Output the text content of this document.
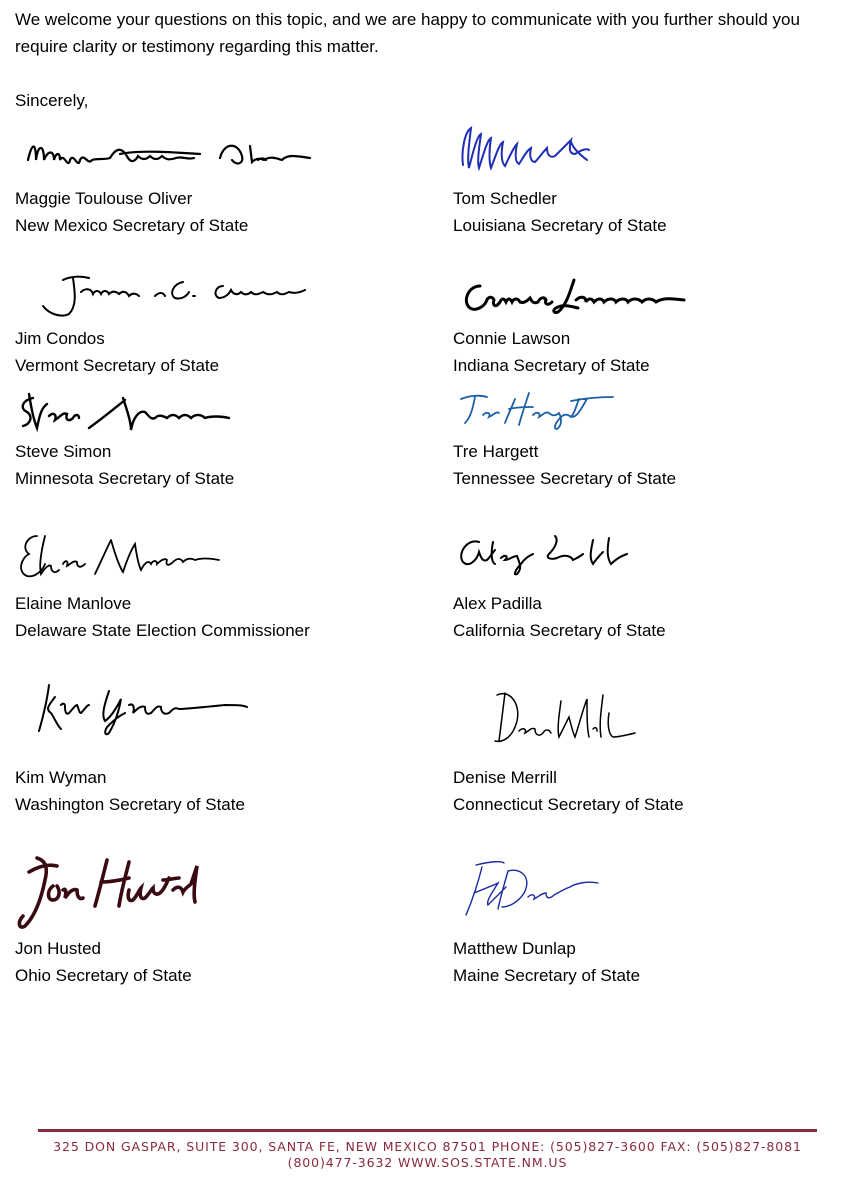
We welcome your questions on this topic, and we are happy to communicate with you further should you require clarity or testimony regarding this matter.

Sincerely,

Maggie Toulouse Oliver
New Mexico Secretary of State
Tom Schedler
Louisiana Secretary of State
Jim Condos
Vermont Secretary of State
Connie Lawson
Indiana Secretary of State
Steve Simon
Minnesota Secretary of State
Tre Hargett
Tennessee Secretary of State
Elaine Manlove
Delaware State Election Commissioner
Alex Padilla
California Secretary of State
Kim Wyman
Washington Secretary of State
Denise Merrill
Connecticut Secretary of State
Jon Husted
Ohio Secretary of State
Matthew Dunlap
Maine Secretary of State
325 DON GASPAR, SUITE 300, SANTA FE, NEW MEXICO 87501 PHONE: (505)827-3600 FAX: (505)827-8081
(800)477-3632 WWW.SOS.STATE.NM.US
